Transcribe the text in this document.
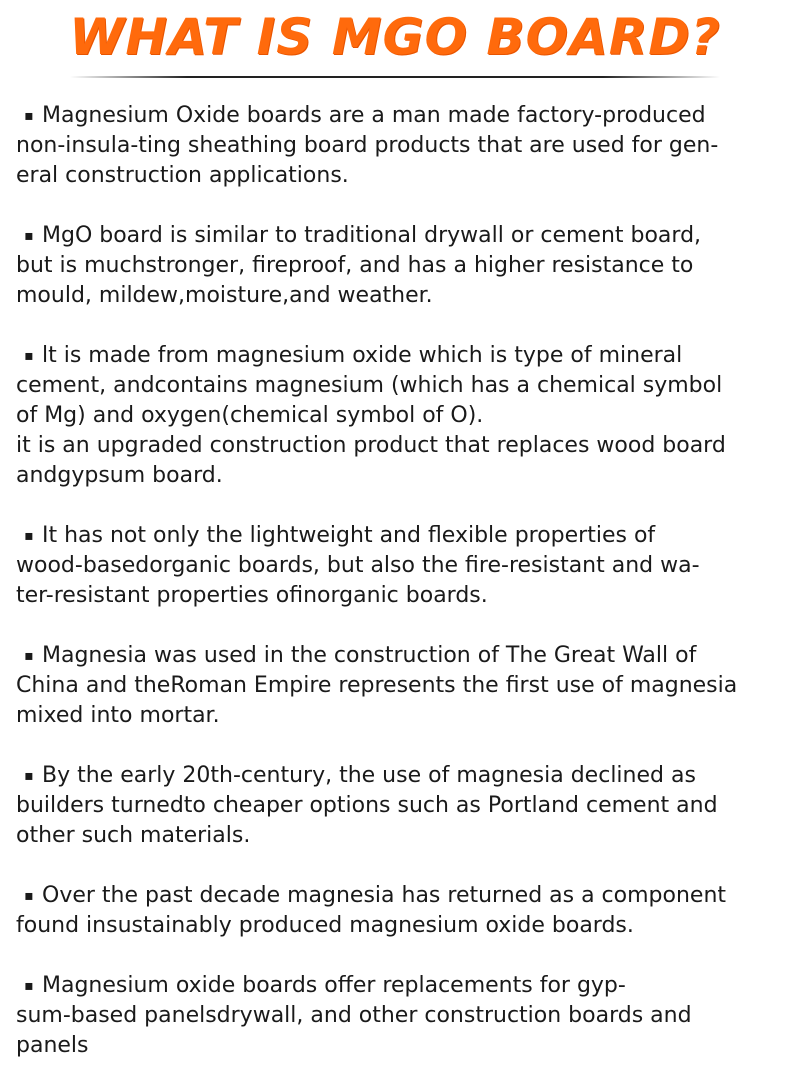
WHAT IS MGO BOARD?
▪ Magnesium Oxide boards are a man made factory-produced
non-insula-ting sheathing board products that are used for gen-
eral construction applications.
▪ MgO board is similar to traditional drywall or cement board,
but is muchstronger, fireproof, and has a higher resistance to
mould, mildew,moisture,and weather.
▪ lt is made from magnesium oxide which is type of mineral
cement, andcontains magnesium (which has a chemical symbol
of Mg) and oxygen(chemical symbol of O).
it is an upgraded construction product that replaces wood board
andgypsum board.
▪ It has not only the lightweight and flexible properties of
wood-basedorganic boards, but also the fire-resistant and wa-
ter-resistant properties ofinorganic boards.
▪ Magnesia was used in the construction of The Great Wall of
China and theRoman Empire represents the first use of magnesia
mixed into mortar.
▪ By the early 20th-century, the use of magnesia declined as
builders turnedto cheaper options such as Portland cement and
other such materials.
▪ Over the past decade magnesia has returned as a component
found insustainably produced magnesium oxide boards.
▪ Magnesium oxide boards offer replacements for gyp-
sum-based panelsdrywall, and other construction boards and
panels
